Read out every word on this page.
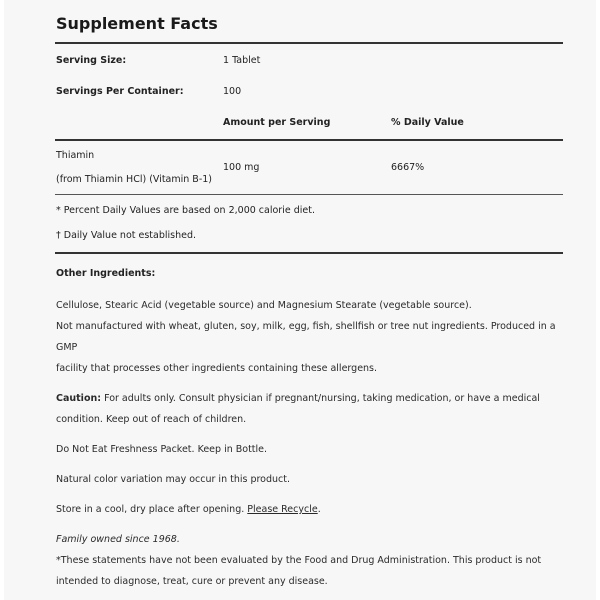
Supplement Facts
Serving Size:	1 Tablet
Servings Per Container:	100
Amount per Serving	% Daily Value
Thiamin
(from Thiamin HCl) (Vitamin B-1)
100 mg	6667%
* Percent Daily Values are based on 2,000 calorie diet.
† Daily Value not established.
Other Ingredients:

Cellulose, Stearic Acid (vegetable source) and Magnesium Stearate (vegetable source).

Not manufactured with wheat, gluten, soy, milk, egg, fish, shellfish or tree nut ingredients. Produced in a GMP

facility that processes other ingredients containing these allergens.

Caution: For adults only. Consult physician if pregnant/nursing, taking medication, or have a medical

condition. Keep out of reach of children.

Do Not Eat Freshness Packet. Keep in Bottle.

Natural color variation may occur in this product.

Store in a cool, dry place after opening. Please Recycle.

Family owned since 1968.

*These statements have not been evaluated by the Food and Drug Administration. This product is not

intended to diagnose, treat, cure or prevent any disease.
